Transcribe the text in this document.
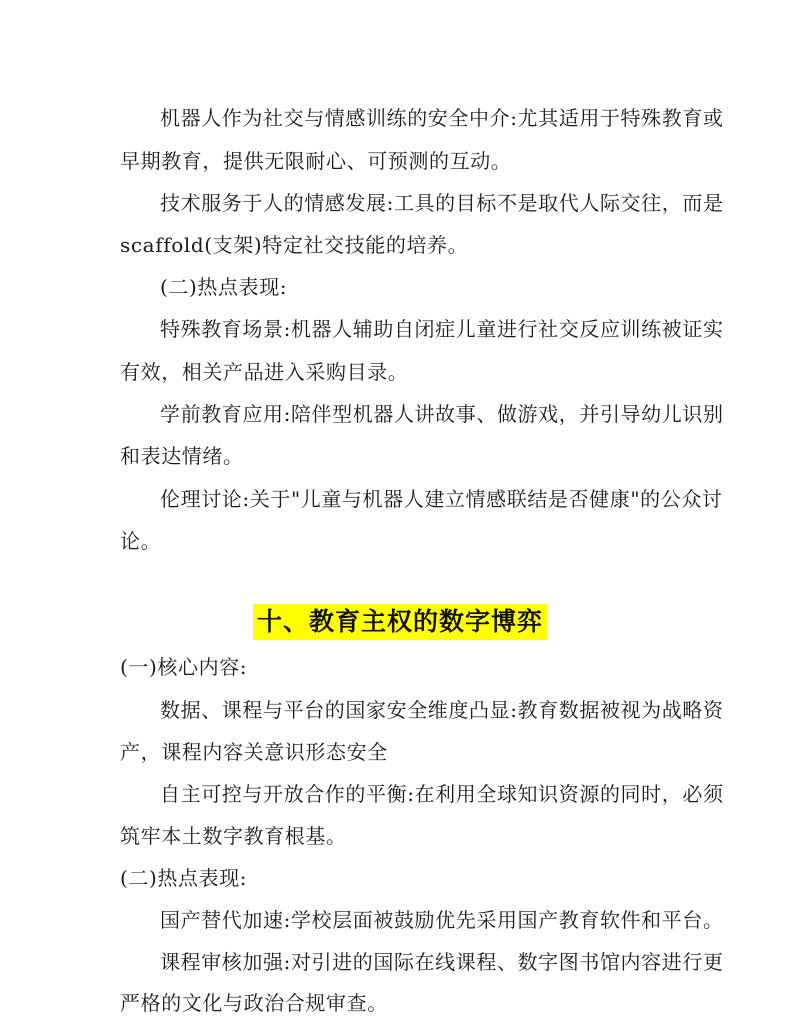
机器人作为社交与情感训练的安全中介:尤其适用于特殊教育或
早期教育，提供无限耐心、可预测的互动。
技术服务于人的情感发展:工具的目标不是取代人际交往，而是
scaffold(支架)特定社交技能的培养。
(二)热点表现:
特殊教育场景:机器人辅助自闭症儿童进行社交反应训练被证实
有效，相关产品进入采购目录。
学前教育应用:陪伴型机器人讲故事、做游戏，并引导幼儿识别
和表达情绪。
伦理讨论:关于"儿童与机器人建立情感联结是否健康"的公众讨
论。
十、教育主权的数字博弈
(一)核心内容:
数据、课程与平台的国家安全维度凸显:教育数据被视为战略资
产，课程内容关意识形态安全
自主可控与开放合作的平衡:在利用全球知识资源的同时，必须
筑牢本土数字教育根基。
(二)热点表现:
国产替代加速:学校层面被鼓励优先采用国产教育软件和平台。
课程审核加强:对引进的国际在线课程、数字图书馆内容进行更
严格的文化与政治合规审查。
